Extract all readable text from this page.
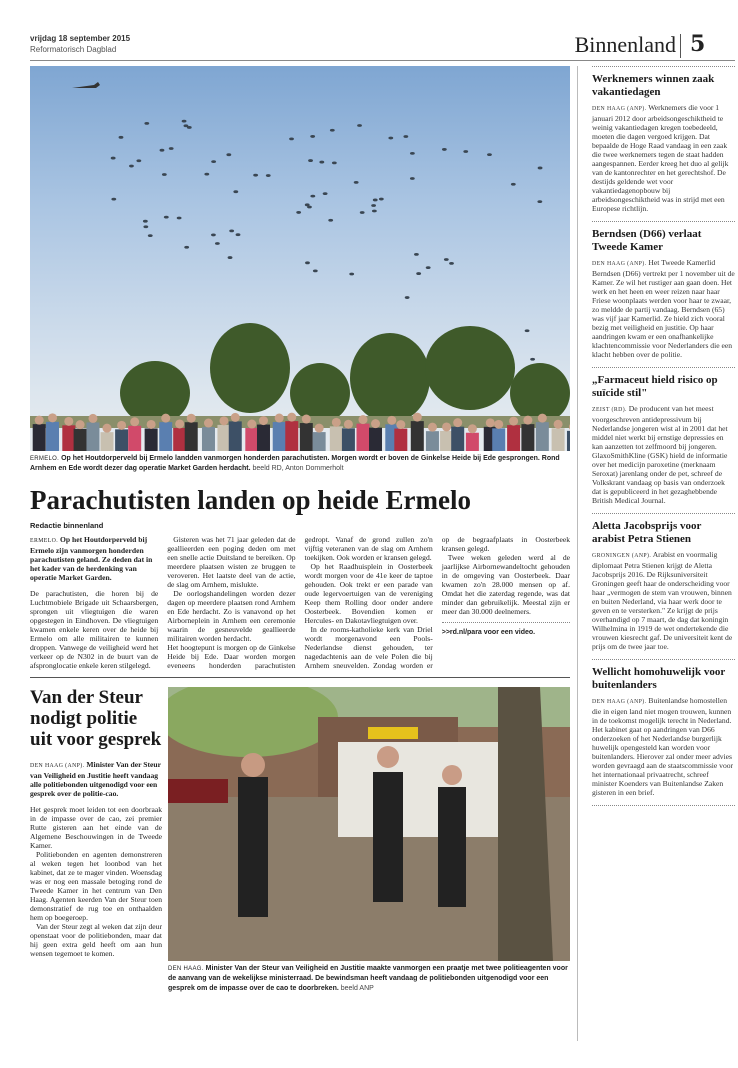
vrijdag 18 september 2015
Reformatorisch Dagblad	Binnenland 5
ERMELO. Op het Houtdorperveld bij Ermelo landden vanmorgen honderden parachutisten. Morgen wordt er boven de Ginkelse Heide bij Ede gesprongen. Rond Arnhem en Ede wordt dezer dag operatie Market Garden herdacht. beeld RD, Anton Dommerholt
Parachutisten landen op heide Ermelo
Redactie binnenland

ERMELO. Op het Houtdorperveld bij Ermelo zijn vanmorgen honderden parachutisten geland. Ze deden dat in het kader van de herdenking van operatie Market Garden.

De parachutisten, die horen bij de Luchtmobiele Brigade uit Schaarsbergen, sprongen uit vliegtuigen die waren opgestegen in Eindhoven. De vliegtuigen kwamen enkele keren over de heide bij Ermelo om alle militairen te kunnen droppen. Vanwege de veiligheid werd het verkeer op de N302 in de buurt van de afspronglocatie enkele keren stilgelegd.

Gisteren was het 71 jaar geleden dat de geallieerden een poging deden om met een snelle actie Duitsland te bereiken. Op meerdere plaatsen wisten ze bruggen te veroveren. Het laatste deel van de actie, de slag om Arnhem, mislukte.

De oorlogshandelingen worden dezer dagen op meerdere plaatsen rond Arnhem en Ede herdacht. Zo is vanavond op het Airborneplein in Arnhem een ceremonie waarin de gesneuvelde geallieerde militairen worden herdacht.

Het hoogtepunt is morgen op de Ginkelse Heide bij Ede. Daar worden morgen eveneens honderden parachutisten gedropt. Vanaf de grond zullen zo'n vijftig veteranen van de slag om Arnhem toekijken. Ook worden er kransen gelegd.

Op het Raadhuisplein in Oosterbeek wordt morgen voor de 41e keer de taptoe gehouden. Ook trekt er een parade van oude legervoertuigen van de vereniging Keep them Rolling door onder andere Oosterbeek. Bovendien komen er Hercules- en Dakotavliegtuigen over.

In de rooms-katholieke kerk van Driel wordt morgenavond een Pools-Nederlandse dienst gehouden, ter nagedachtenis aan de vele Polen die bij Arnhem sneuvelden. Zondag worden er op de begraafplaats in Oosterbeek kransen gelegd.

Twee weken geleden werd al de jaarlijkse Airbornewandeltocht gehouden in de omgeving van Oosterbeek. Daar kwamen zo'n 28.000 mensen op af. Omdat het die zaterdag regende, was dat minder dan gebruikelijk. Meestal zijn er meer dan 30.000 deelnemers.

>>rd.nl/para voor een video.

Van der Steur nodigt politie uit voor gesprek

DEN HAAG (ANP). Minister Van der Steur van Veiligheid en Justitie heeft vandaag alle politiebonden uitgenodigd voor een gesprek over de politie-cao.

Het gesprek moet leiden tot een doorbraak in de impasse over de cao, zei premier Rutte gisteren aan het einde van de Algemene Beschouwingen in de Tweede Kamer.

Politiebonden en agenten demonstreren al weken tegen het loonbod van het kabinet, dat ze te mager vinden. Woensdag was er nog een massale betoging rond de Tweede Kamer in het centrum van Den Haag. Agenten keerden Van der Steur toen demonstratief de rug toe en onthaalden hem op boegeroep.

Van der Steur zegt al weken dat zijn deur openstaat voor de politiebonden, maar dat hij geen extra geld heeft om aan hun wensen tegemoet te komen.

DEN HAAG. Minister Van der Steur van Veiligheid en Justitie maakte vanmorgen een praatje met twee politieagenten voor de aanvang van de wekelijkse ministerraad. De bewindsman heeft vandaag de politiebonden uitgenodigd voor een gesprek om de impasse over de cao te doorbreken. beeld ANP
Werknemers winnen zaak vakantiedagen
DEN HAAG (ANP). Werknemers die voor 1 januari 2012 door arbeidsongeschiktheid te weinig vakantiedagen kregen toebedeeld, moeten die dagen vergoed krijgen. Dat bepaalde de Hoge Raad vandaag in een zaak die twee werknemers tegen de staat hadden aangespannen. Eerder kreeg het duo al gelijk van de kantonrechter en het gerechtshof. De destijds geldende wet voor vakantiedagenopbouw bij arbeidsongeschiktheid was in strijd met een Europese richtlijn.
Berndsen (D66) verlaat Tweede Kamer
DEN HAAG (ANP). Het Tweede Kamerlid Berndsen (D66) vertrekt per 1 november uit de Kamer. Ze wil het rustiger aan gaan doen. Het werk en het heen en weer reizen naar haar Friese woonplaats werden voor haar te zwaar, zo meldde de partij vandaag. Berndsen (65) was vijf jaar Kamerlid. Ze hield zich vooral bezig met veiligheid en justitie. Op haar aandringen kwam er een onafhankelijke klachtencommissie voor Nederlanders die een klacht hebben over de politie.
„Farmaceut hield risico op suïcide stil"
ZEIST (RD). De producent van het meest voorgeschreven antidepressivum bij Nederlandse jongeren wist al in 2001 dat het middel niet werkt bij ernstige depressies en kan aanzetten tot zelfmoord bij jongeren. GlaxoSmithKline (GSK) hield de informatie over het medicijn paroxetine (merknaam Seroxat) jarenlang onder de pet, schreef de Volkskrant vandaag op basis van onderzoek dat is gepubliceerd in het gezaghebbende British Medical Journal.
Aletta Jacobsprijs voor arabist Petra Stienen
GRONINGEN (ANP). Arabist en voormalig diplomaat Petra Stienen krijgt de Aletta Jacobsprijs 2016. De Rijksuniversiteit Groningen geeft haar de onderscheiding voor haar „vermogen de stem van vrouwen, binnen en buiten Nederland, via haar werk door te geven en te versterken." Ze krijgt de prijs overhandigd op 7 maart, de dag dat koningin Wilhelmina in 1919 de wet ondertekende die vrouwen kiesrecht gaf. De universiteit kent de prijs om de twee jaar toe.
Wellicht homohuwelijk voor buitenlanders
DEN HAAG (ANP). Buitenlandse homostellen die in eigen land niet mogen trouwen, kunnen in de toekomst mogelijk terecht in Nederland. Het kabinet gaat op aandringen van D66 onderzoeken of het Nederlandse burgerlijk huwelijk opengesteld kan worden voor buitenlanders. Hierover zal onder meer advies worden gevraagd aan de staatscommissie voor het internationaal privaatrecht, schreef minister Koenders van Buitenlandse Zaken gisteren in een brief.
